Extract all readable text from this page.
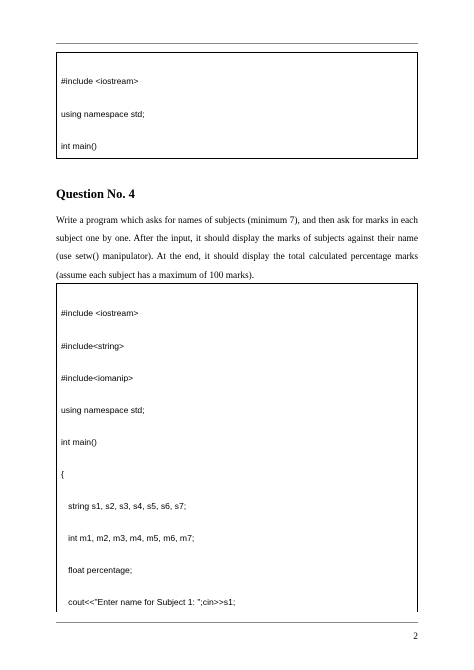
#include <iostream>

using namespace std;

int main()

Question No. 4
Write a program which asks for names of subjects (minimum 7), and then ask for marks in each
subject one by one. After the input, it should display the marks of subjects against their name
(use setw() manipulator). At the end, it should display the total calculated percentage marks
(assume each subject has a maximum of 100 marks).

#include <iostream>

#include<string>

#include<iomanip>

using namespace std;

int main()

{

string s1, s2, s3, s4, s5, s6, s7;

int m1, m2, m3, m4, m5, m6, m7;

float percentage;

cout<<"Enter name for Subject 1: ";cin>>s1;

2
